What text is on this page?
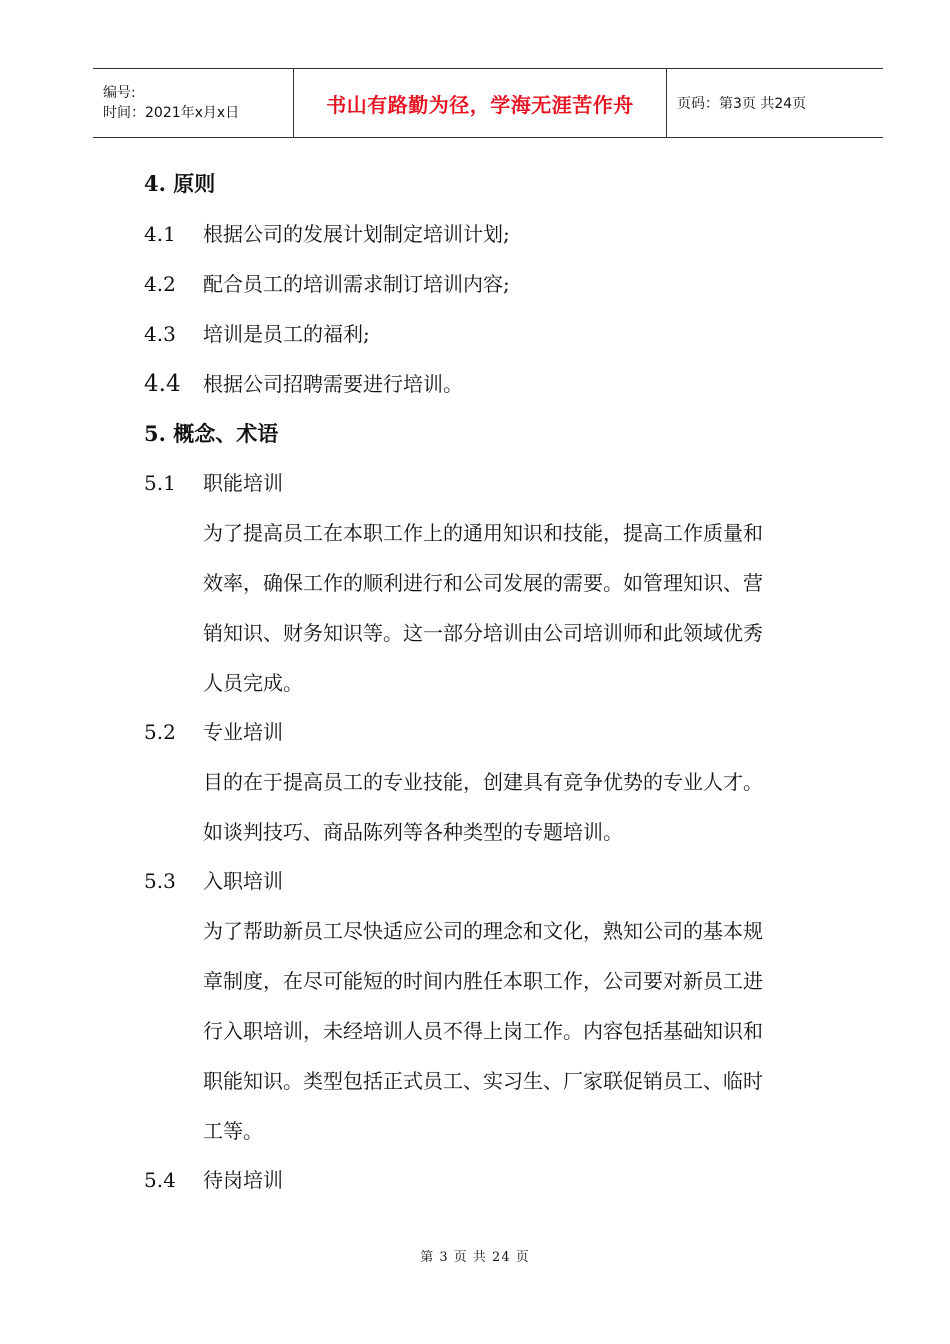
编号:
时间：2021年x月x日	书山有路勤为径，学海无涯苦作舟	页码：第3页 共24页
4. 原则
4.1 根据公司的发展计划制定培训计划;
4.2 配合员工的培训需求制订培训内容;
4.3 培训是员工的福利;
4.4 根据公司招聘需要进行培训。
5. 概念、术语
5.1 职能培训
为了提高员工在本职工作上的通用知识和技能，提高工作质量和
效率，确保工作的顺利进行和公司发展的需要。如管理知识、营
销知识、财务知识等。这一部分培训由公司培训师和此领域优秀
人员完成。
5.2 专业培训
目的在于提高员工的专业技能，创建具有竞争优势的专业人才。
如谈判技巧、商品陈列等各种类型的专题培训。
5.3 入职培训
为了帮助新员工尽快适应公司的理念和文化，熟知公司的基本规
章制度，在尽可能短的时间内胜任本职工作，公司要对新员工进
行入职培训，未经培训人员不得上岗工作。内容包括基础知识和
职能知识。类型包括正式员工、实习生、厂家联促销员工、临时
工等。
5.4 待岗培训
第 3 页 共 24 页
